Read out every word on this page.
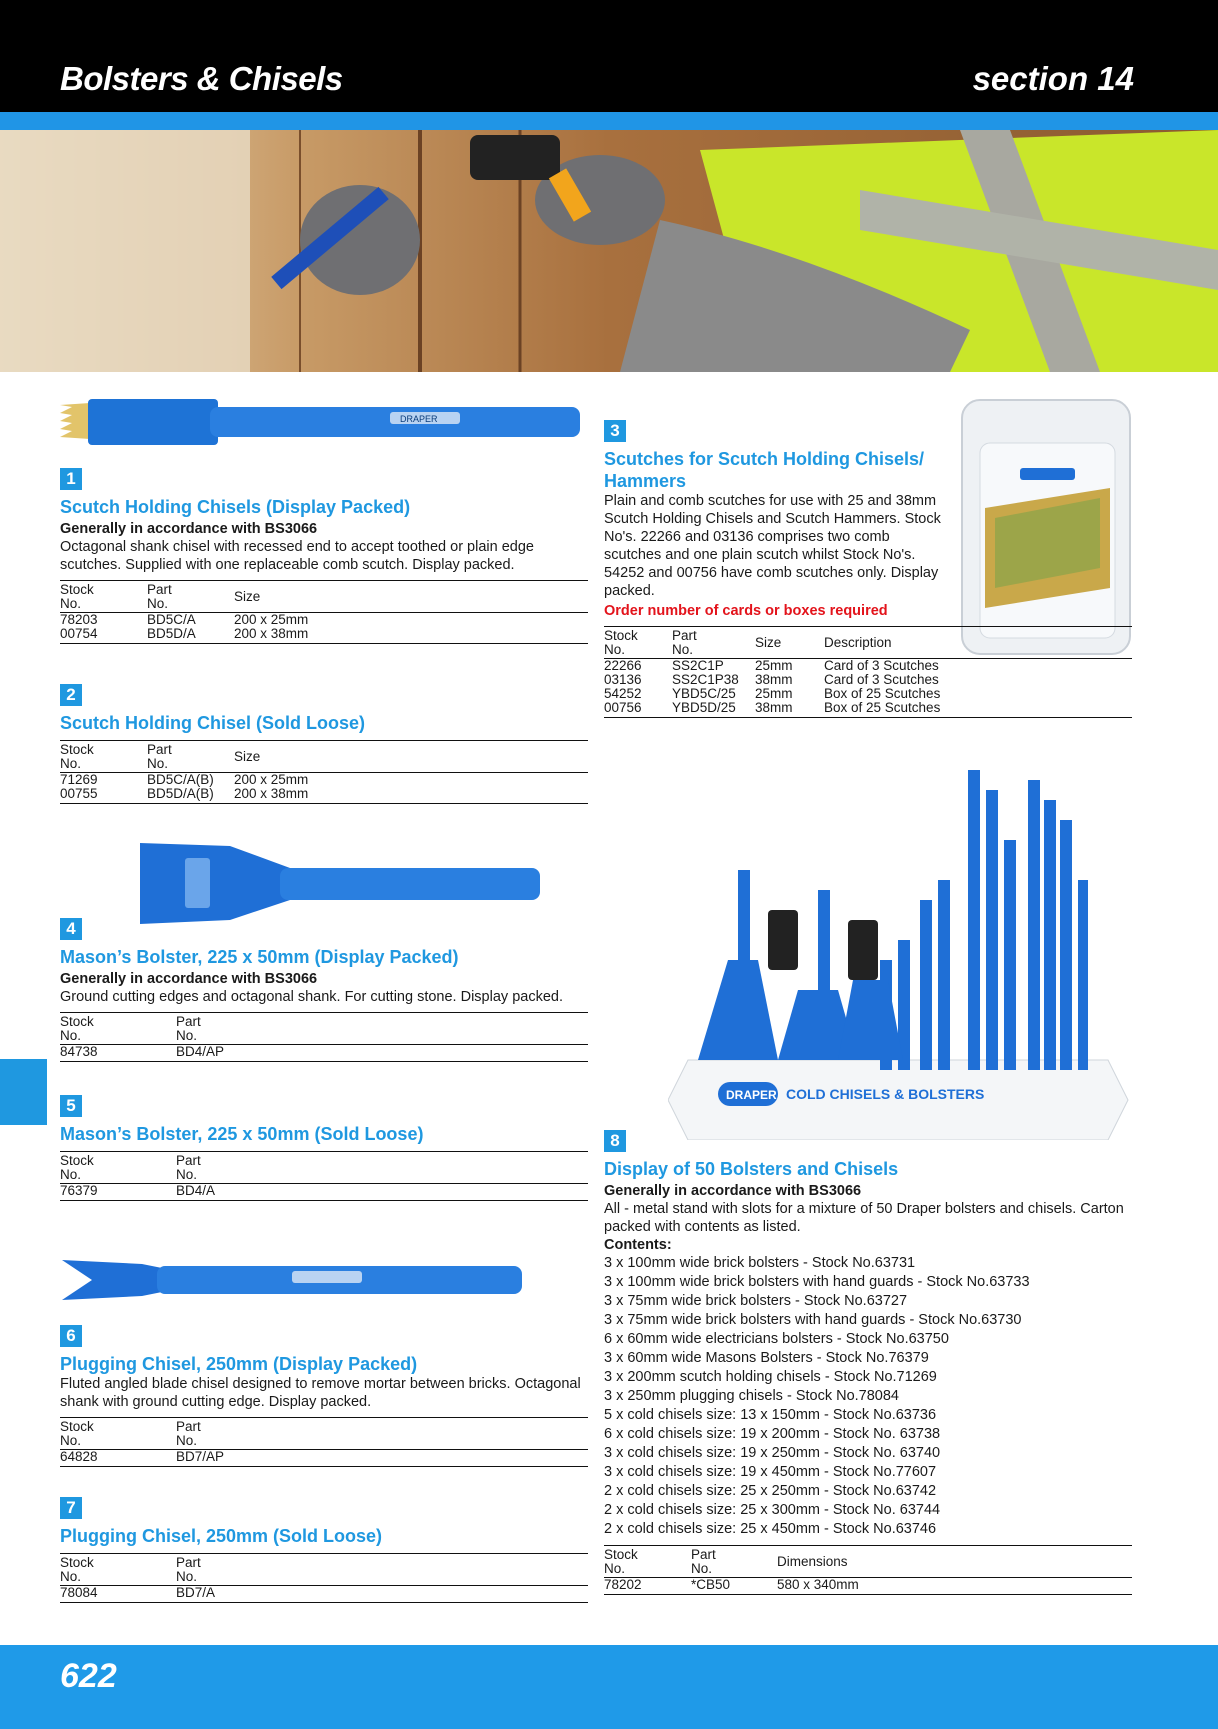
Bolsters & Chisels	section 14
DRAPER
1
Scutch Holding Chisels (Display Packed)
Generally in accordance with BS3066
Octagonal shank chisel with recessed end to accept toothed or plain edge scutches. Supplied with one replaceable comb scutch. Display packed.
Stock
No.	Part
No.	Size
78203	BD5C/A	200 x 25mm
00754	BD5D/A	200 x 38mm
2
Scutch Holding Chisel (Sold Loose)
Stock
No.	Part
No.	Size
71269	BD5C/A(B)	200 x 25mm
00755	BD5D/A(B)	200 x 38mm
4
Mason’s Bolster, 225 x 50mm (Display Packed)
Generally in accordance with BS3066
Ground cutting edges and octagonal shank. For cutting stone. Display packed.
Stock
No.	Part
No.
84738	BD4/AP
5
Mason’s Bolster, 225 x 50mm (Sold Loose)
Stock
No.	Part
No.
76379	BD4/A
6
Plugging Chisel, 250mm (Display Packed)
Fluted angled blade chisel designed to remove mortar between bricks. Octagonal shank with ground cutting edge. Display packed.
Stock
No.	Part
No.
64828	BD7/AP
7
Plugging Chisel, 250mm (Sold Loose)
Stock
No.	Part
No.
78084	BD7/A
3
Scutches for Scutch Holding Chisels/ Hammers
Plain and comb scutches for use with 25 and 38mm Scutch Holding Chisels and Scutch Hammers. Stock No's. 22266 and 03136 comprises two comb scutches and one plain scutch whilst Stock No's. 54252 and 00756 have comb scutches only. Display packed.
Order number of cards or boxes required
Stock
No.	Part
No.	Size	Description
22266	SS2C1P	25mm	Card of 3 Scutches
03136	SS2C1P38	38mm	Card of 3 Scutches
54252	YBD5C/25	25mm	Box of 25 Scutches
00756	YBD5D/25	38mm	Box of 25 Scutches
DRAPER COLD CHISELS & BOLSTERS
8
Display of 50 Bolsters and Chisels
Generally in accordance with BS3066
All - metal stand with slots for a mixture of 50 Draper bolsters and chisels. Carton packed with contents as listed.
Contents:
3 x 100mm wide brick bolsters - Stock No.63731
3 x 100mm wide brick bolsters with hand guards - Stock No.63733
3 x 75mm wide brick bolsters - Stock No.63727
3 x 75mm wide brick bolsters with hand guards - Stock No.63730
6 x 60mm wide electricians bolsters - Stock No.63750
3 x 60mm wide Masons Bolsters - Stock No.76379
3 x 200mm scutch holding chisels - Stock No.71269
3 x 250mm plugging chisels - Stock No.78084
5 x cold chisels size: 13 x 150mm - Stock No.63736
6 x cold chisels size: 19 x 200mm - Stock No. 63738
3 x cold chisels size: 19 x 250mm - Stock No. 63740
3 x cold chisels size: 19 x 450mm - Stock No.77607
2 x cold chisels size: 25 x 250mm - Stock No.63742
2 x cold chisels size: 25 x 300mm - Stock No. 63744
2 x cold chisels size: 25 x 450mm - Stock No.63746
Stock
No.	Part
No.	Dimensions
78202	*CB50	580 x 340mm
622
